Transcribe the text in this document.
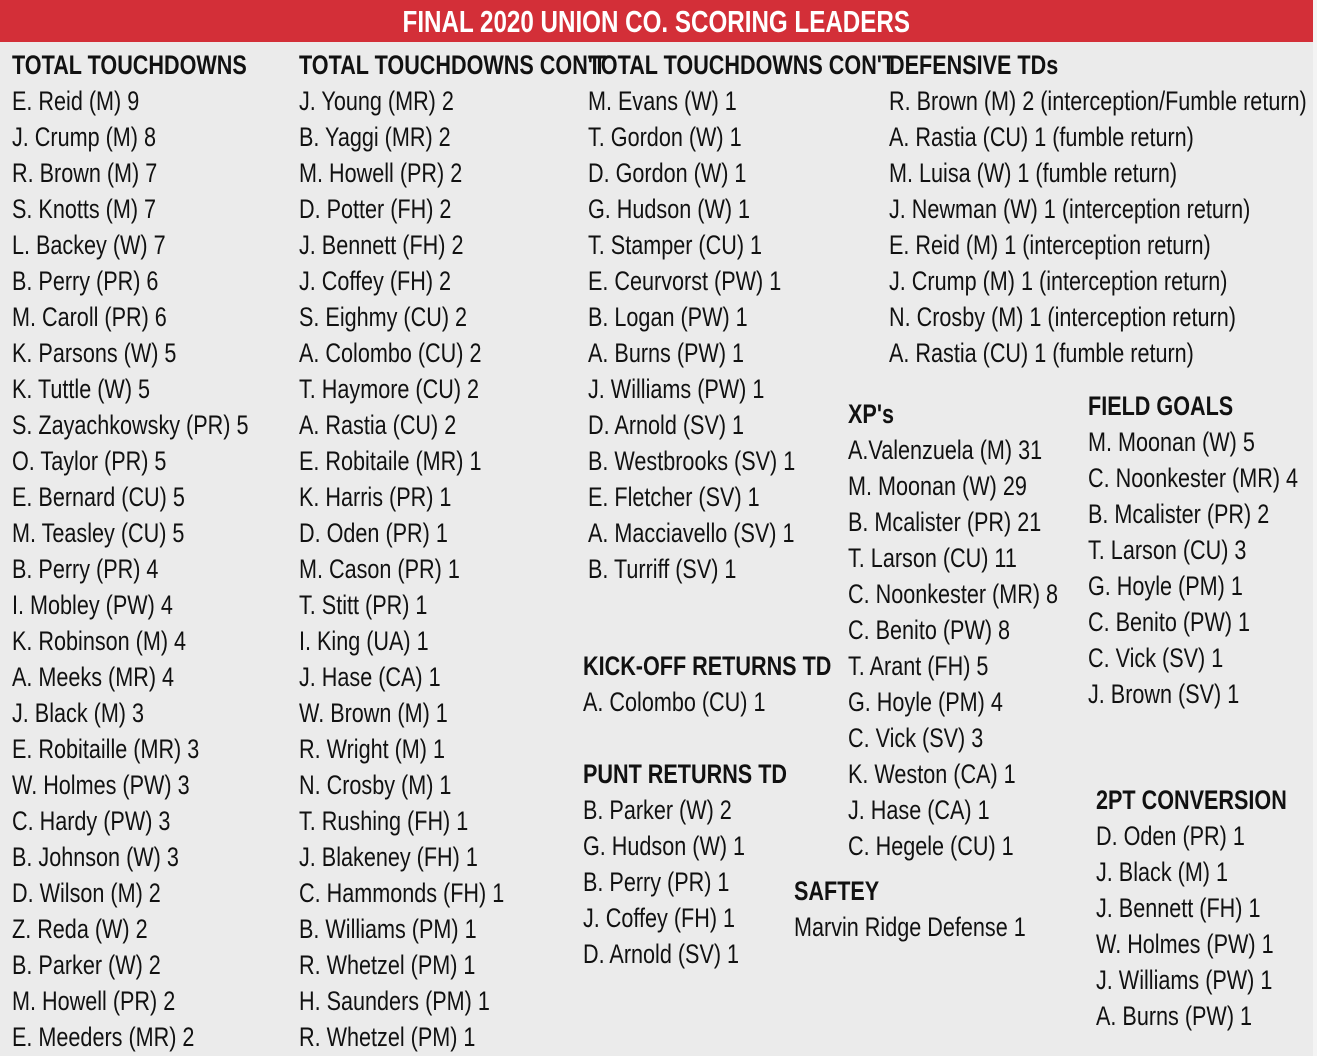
FINAL 2020 UNION CO. SCORING LEADERS
TOTAL TOUCHDOWNS
E. Reid (M) 9
J. Crump (M) 8
R. Brown (M) 7
S. Knotts (M) 7
L. Backey (W) 7
B. Perry (PR) 6
M. Caroll (PR) 6
K. Parsons (W) 5
K. Tuttle (W) 5
S. Zayachkowsky (PR) 5
O. Taylor (PR) 5
E. Bernard (CU) 5
M. Teasley (CU) 5
B. Perry (PR) 4
I. Mobley (PW) 4
K. Robinson (M) 4
A. Meeks (MR) 4
J. Black (M) 3
E. Robitaille (MR) 3
W. Holmes (PW) 3
C. Hardy (PW) 3
B. Johnson (W) 3
D. Wilson (M) 2
Z. Reda (W) 2
B. Parker (W) 2
M. Howell (PR) 2
E. Meeders (MR) 2
TOTAL TOUCHDOWNS CON'T
J. Young (MR) 2
B. Yaggi (MR) 2
M. Howell (PR) 2
D. Potter (FH) 2
J. Bennett (FH) 2
J. Coffey (FH) 2
S. Eighmy (CU) 2
A. Colombo (CU) 2
T. Haymore (CU) 2
A. Rastia (CU) 2
E. Robitaile (MR) 1
K. Harris (PR) 1
D. Oden (PR) 1
M. Cason (PR) 1
T. Stitt (PR) 1
I. King (UA) 1
J. Hase (CA) 1
W. Brown (M) 1
R. Wright (M) 1
N. Crosby (M) 1
T. Rushing (FH) 1
J. Blakeney (FH) 1
C. Hammonds (FH) 1
B. Williams (PM) 1
R. Whetzel (PM) 1
H. Saunders (PM) 1
R. Whetzel (PM) 1
TOTAL TOUCHDOWNS CON'T
M. Evans (W) 1
T. Gordon (W) 1
D. Gordon (W) 1
G. Hudson (W) 1
T. Stamper (CU) 1
E. Ceurvorst (PW) 1
B. Logan (PW) 1
A. Burns (PW) 1
J. Williams (PW) 1
D. Arnold (SV) 1
B. Westbrooks (SV) 1
E. Fletcher (SV) 1
A. Macciavello (SV) 1
B. Turriff (SV) 1
KICK-OFF RETURNS TD
A. Colombo (CU) 1
PUNT RETURNS TD
B. Parker (W) 2
G. Hudson (W) 1
B. Perry (PR) 1
J. Coffey (FH) 1
D. Arnold (SV) 1
DEFENSIVE TDs
R. Brown (M) 2 (interception/Fumble return)
A. Rastia (CU) 1 (fumble return)
M. Luisa (W) 1 (fumble return)
J. Newman (W) 1 (interception return)
E. Reid (M) 1 (interception return)
J. Crump (M) 1 (interception return)
N. Crosby (M) 1 (interception return)
A. Rastia (CU) 1 (fumble return)
XP's
A.Valenzuela (M) 31
M. Moonan (W) 29
B. Mcalister (PR) 21
T. Larson (CU) 11
C. Noonkester (MR) 8
C. Benito (PW) 8
T. Arant (FH) 5
G. Hoyle (PM) 4
C. Vick (SV) 3
K. Weston (CA) 1
J. Hase (CA) 1
C. Hegele (CU) 1
FIELD GOALS
M. Moonan (W) 5
C. Noonkester (MR) 4
B. Mcalister (PR) 2
T. Larson (CU) 3
G. Hoyle (PM) 1
C. Benito (PW) 1
C. Vick (SV) 1
J. Brown (SV) 1
SAFTEY
Marvin Ridge Defense 1
2PT CONVERSION
D. Oden (PR) 1
J. Black (M) 1
J. Bennett (FH) 1
W. Holmes (PW) 1
J. Williams (PW) 1
A. Burns (PW) 1
